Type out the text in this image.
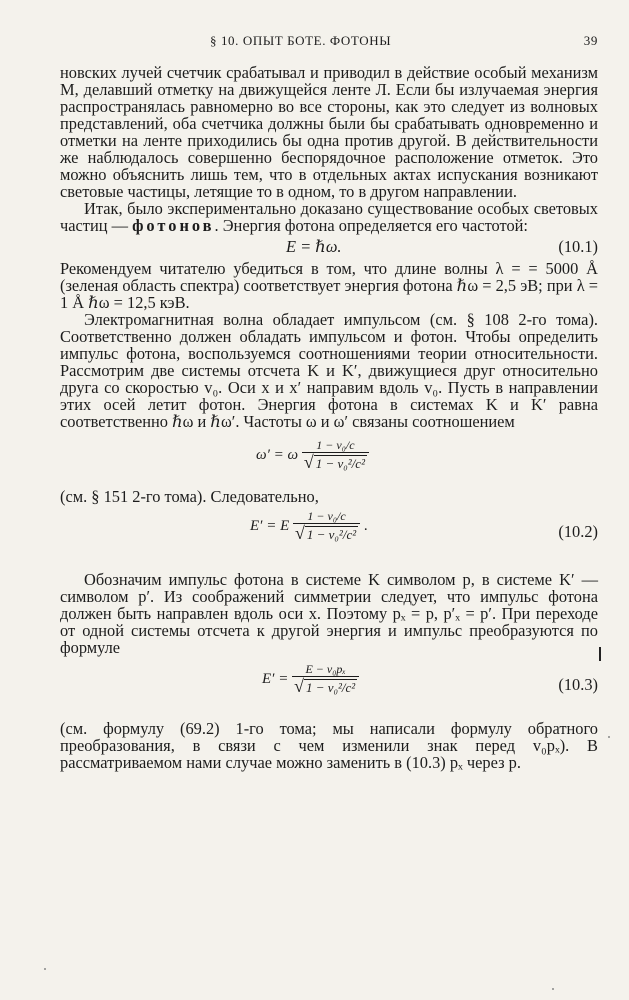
§ 10. ОПЫТ БОТЕ. ФОТОНЫ	39

новских лучей счетчик срабатывал и приводил в действие особый механизм М, делавший отметку на движущейся ленте Л. Если бы излучаемая энергия распространялась равномерно во все стороны, как это следует из волновых представлений, оба счетчика должны были бы срабатывать одновременно и отметки на ленте приходились бы одна против другой. В действительности же наблюдалось совершенно беспорядочное расположение отметок. Это можно объяснить лишь тем, что в отдельных актах испускания возникают световые частицы, летящие то в одном, то в другом направлении.

Итак, было экспериментально доказано существование особых световых частиц — фотонов. Энергия фотона определяется его частотой:

E = ℏω.	(10.1)

Рекомендуем читателю убедиться в том, что длине волны λ = = 5000 Å (зеленая область спектра) соответствует энергия фотона ℏω = 2,5 эВ; при λ = 1 Å ℏω = 12,5 кэВ.

Электромагнитная волна обладает импульсом (см. § 108 2-го тома). Соответственно должен обладать импульсом и фотон. Чтобы определить импульс фотона, воспользуемся соотношениями теории относительности. Рассмотрим две системы отсчета K и K′, движущиеся друг относительно друга со скоростью v₀. Оси x и x′ направим вдоль v₀. Пусть в направлении этих осей летит фотон. Энергия фотона в системах K и K′ равна соответственно ℏω и ℏω′. Частоты ω и ω′ связаны соотношением

ω′ = ω $\frac{\text{1 − v₀/c}}{\text{√ 1 − v₀²/c²}}$

(см. § 151 2-го тома). Следовательно,

E′ = E $\frac{\text{1 − v₀/c}}{\text{√ 1 − v₀²/c²}}$ .	(10.2)

Обозначим импульс фотона в системе K символом p, в системе K′ — символом p′. Из соображений симметрии следует, что импульс фотона должен быть направлен вдоль оси x. Поэтому pₓ = p, p′ₓ = p′. При переходе от одной системы отсчета к другой энергия и импульс преобразуются по формуле

$E' = \frac{\text{E − v₀pₓ}}{\text{√ 1 − v₀²/c²}}$	(10.3)

(см. формулу (69.2) 1-го тома; мы написали формулу обратного преобразования, в связи с чем изменили знак перед v₀pₓ). В рассматриваемом нами случае можно заменить в (10.3) pₓ через p.
